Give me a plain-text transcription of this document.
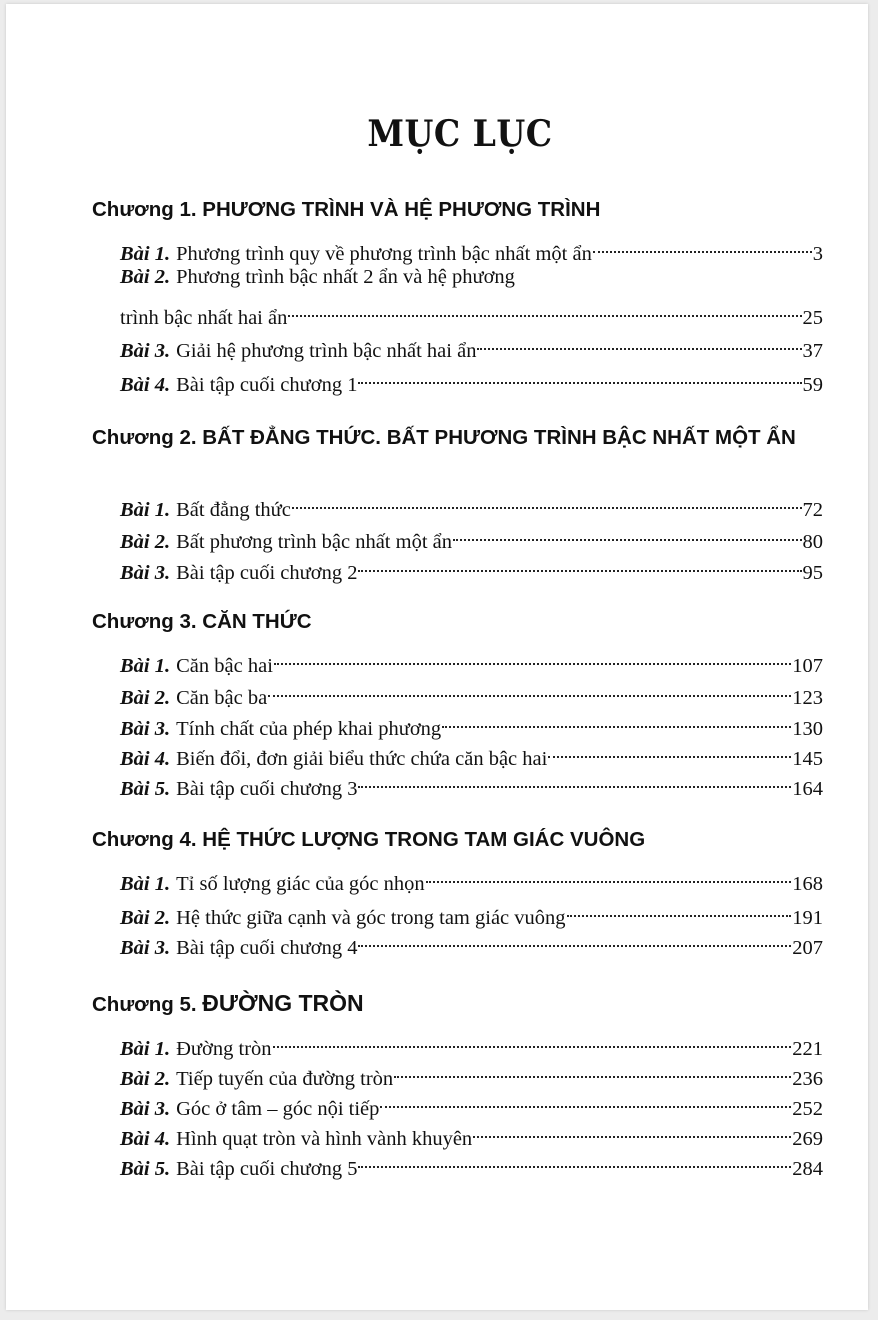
MỤC LỤC
Chương 1. PHƯƠNG TRÌNH VÀ HỆ PHƯƠNG TRÌNH
Bài 1. Phương trình quy về phương trình bậc nhất một ẩn	3
Bài 2. Phương trình bậc nhất 2 ẩn và hệ phương
trình bậc nhất hai ẩn	25
Bài 3. Giải hệ phương trình bậc nhất hai ẩn	37
Bài 4. Bài tập cuối chương 1	59
Chương 2. BẤT ĐẲNG THỨC. BẤT PHƯƠNG TRÌNH BẬC NHẤT MỘT ẨN
Bài 1. Bất đẳng thức	72
Bài 2. Bất phương trình bậc nhất một ẩn	80
Bài 3. Bài tập cuối chương 2	95
Chương 3. CĂN THỨC
Bài 1. Căn bậc hai	107
Bài 2. Căn bậc ba	123
Bài 3. Tính chất của phép khai phương	130
Bài 4. Biến đổi, đơn giải biểu thức chứa căn bậc hai	145
Bài 5. Bài tập cuối chương 3	164
Chương 4. HỆ THỨC LƯỢNG TRONG TAM GIÁC VUÔNG
Bài 1. Tỉ số lượng giác của góc nhọn	168
Bài 2. Hệ thức giữa cạnh và góc trong tam giác vuông	191
Bài 3. Bài tập cuối chương 4	207
Chương 5. ĐƯỜNG TRÒN
Bài 1. Đường tròn	221
Bài 2. Tiếp tuyến của đường tròn	236
Bài 3. Góc ở tâm – góc nội tiếp	252
Bài 4. Hình quạt tròn và hình vành khuyên	269
Bài 5. Bài tập cuối chương 5	284
